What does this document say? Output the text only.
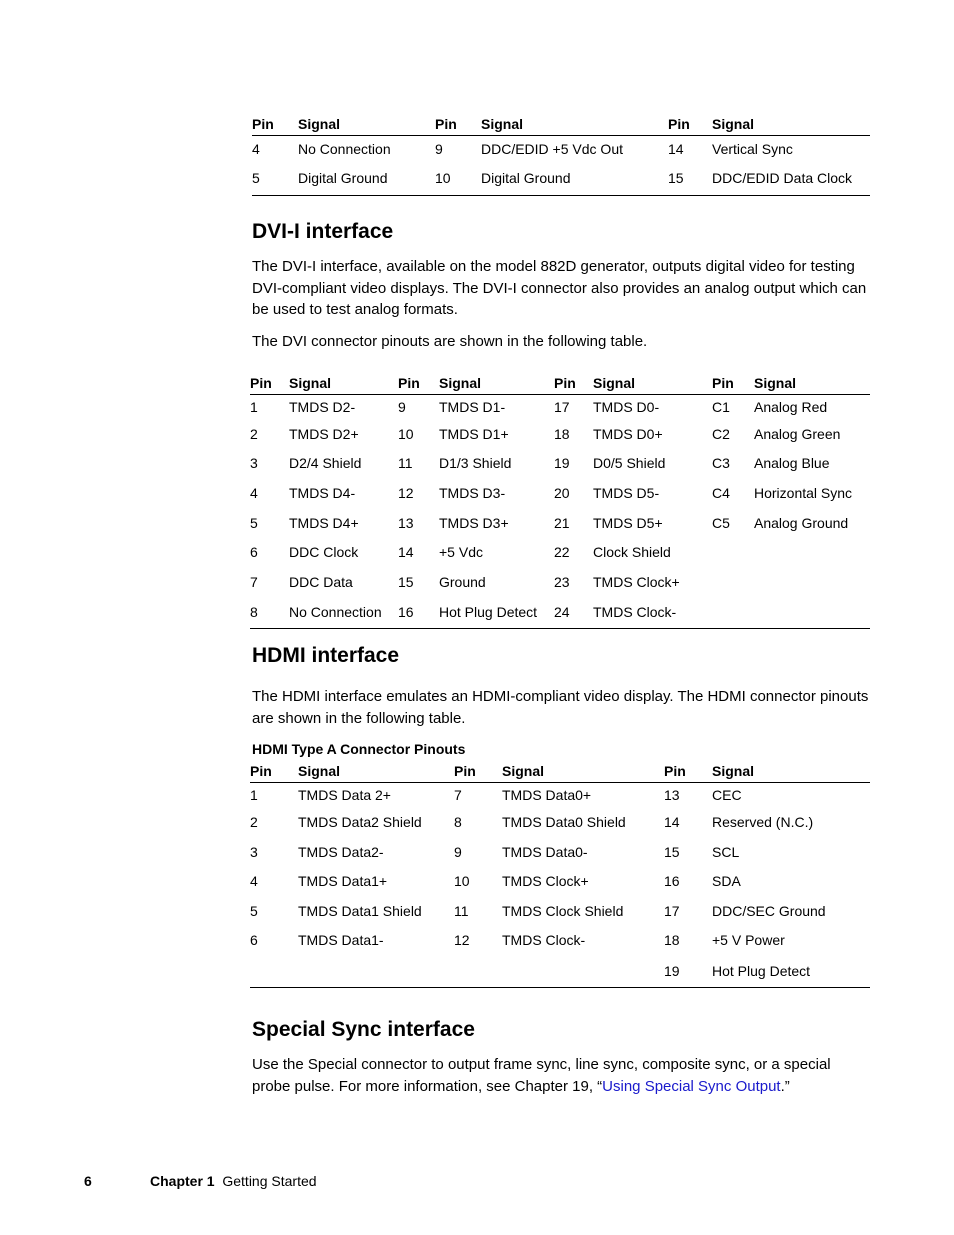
Pin	Signal	Pin	Signal	Pin	Signal
4	No Connection	9	DDC/EDID +5 Vdc Out	14	Vertical Sync
5	Digital Ground	10	Digital Ground	15	DDC/EDID Data Clock
DVI-I interface

The DVI-I interface, available on the model 882D generator, outputs digital video for testing DVI-compliant video displays. The DVI-I connector also provides an analog output which can be used to test analog formats.

The DVI connector pinouts are shown in the following table.

Pin	Signal	Pin	Signal	Pin	Signal	Pin	Signal
1	TMDS D2-	9	TMDS D1-	17	TMDS D0-	C1	Analog Red
2	TMDS D2+	10	TMDS D1+	18	TMDS D0+	C2	Analog Green
3	D2/4 Shield	11	D1/3 Shield	19	D0/5 Shield	C3	Analog Blue
4	TMDS D4-	12	TMDS D3-	20	TMDS D5-	C4	Horizontal Sync
5	TMDS D4+	13	TMDS D3+	21	TMDS D5+	C5	Analog Ground
6	DDC Clock	14	+5 Vdc	22	Clock Shield		
7	DDC Data	15	Ground	23	TMDS Clock+		
8	No Connection	16	Hot Plug Detect	24	TMDS Clock-		
HDMI interface

The HDMI interface emulates an HDMI-compliant video display. The HDMI connector pinouts are shown in the following table.

HDMI Type A Connector Pinouts
Pin	Signal	Pin	Signal	Pin	Signal
1	TMDS Data 2+	7	TMDS Data0+	13	CEC
2	TMDS Data2 Shield	8	TMDS Data0 Shield	14	Reserved (N.C.)
3	TMDS Data2-	9	TMDS Data0-	15	SCL
4	TMDS Data1+	10	TMDS Clock+	16	SDA
5	TMDS Data1 Shield	11	TMDS Clock Shield	17	DDC/SEC Ground
6	TMDS Data1-	12	TMDS Clock-	18	+5 V Power
				19	Hot Plug Detect
Special Sync interface

Use the Special connector to output frame sync, line sync, composite sync, or a special probe pulse. For more information, see Chapter 19, “Using Special Sync Output.”

6	Chapter 1 Getting Started
